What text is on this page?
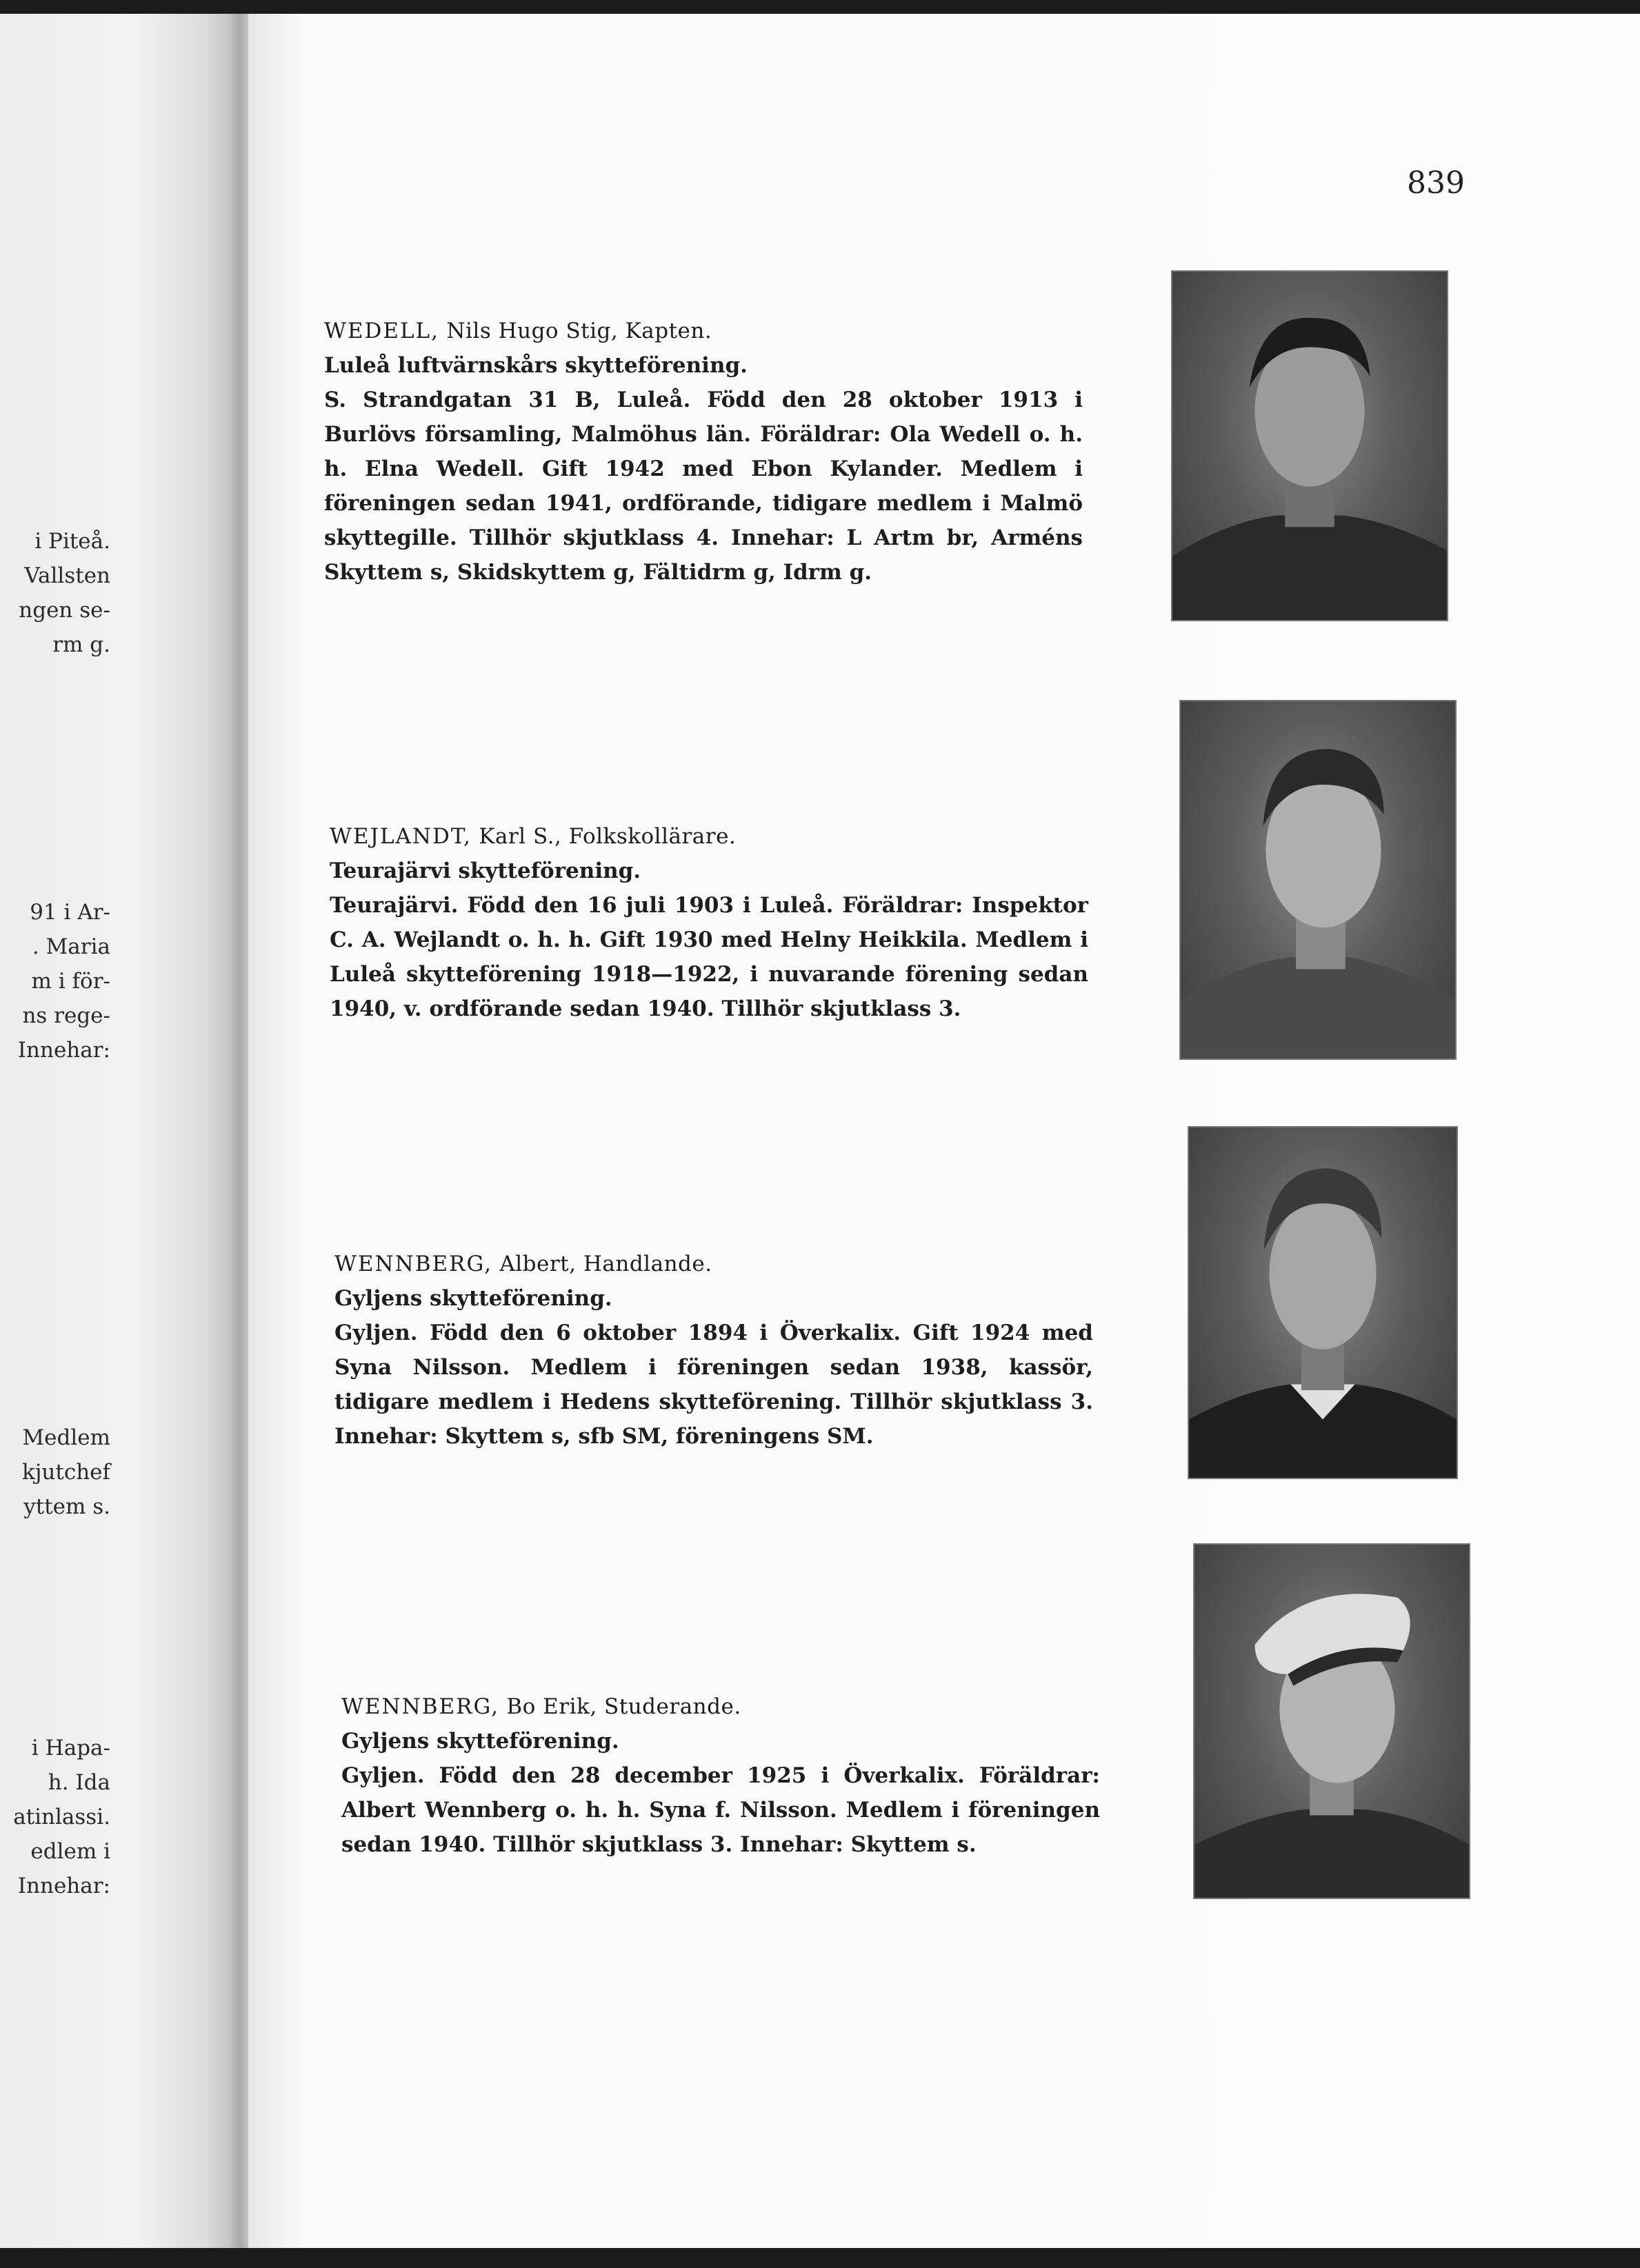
i Piteå.
Vallsten
ngen se-
rm g.
91 i Ar-
. Maria
m i för-
ns rege-
Innehar:
Medlem
kjutchef
yttem s.
i Hapa-
h. Ida
atinlassi.
edlem i
Innehar:
839

WEDELL, Nils Hugo Stig, Kapten.

Luleå luftvärnskårs skytteförening.

S. Strandgatan 31 B, Luleå. Född den 28 oktober 1913 i Burlövs församling, Malmöhus län. Föräldrar: Ola Wedell o. h. h. Elna Wedell. Gift 1942 med Ebon Kylander. Medlem i föreningen sedan 1941, ordförande, tidigare medlem i Malmö skyttegille. Tillhör skjutklass 4. Innehar: L Artm br, Arméns Skyttem s, Skidskyttem g, Fältidrm g, Idrm g.

WEJLANDT, Karl S., Folkskollärare.

Teurajärvi skytteförening.

Teurajärvi. Född den 16 juli 1903 i Luleå. Föräldrar: Inspektor C. A. Wejlandt o. h. h. Gift 1930 med Helny Heikkila. Medlem i Luleå skytteförening 1918—1922, i nuvarande förening sedan 1940, v. ordförande sedan 1940. Tillhör skjutklass 3.

WENNBERG, Albert, Handlande.

Gyljens skytteförening.

Gyljen. Född den 6 oktober 1894 i Överkalix. Gift 1924 med Syna Nilsson. Medlem i föreningen sedan 1938, kassör, tidigare medlem i Hedens skytteförening. Tillhör skjutklass 3. Innehar: Skyttem s, sfb SM, föreningens SM.

WENNBERG, Bo Erik, Studerande.

Gyljens skytteförening.

Gyljen. Född den 28 december 1925 i Överkalix. Föräldrar: Albert Wennberg o. h. h. Syna f. Nilsson. Medlem i föreningen sedan 1940. Tillhör skjutklass 3. Innehar: Skyttem s.
